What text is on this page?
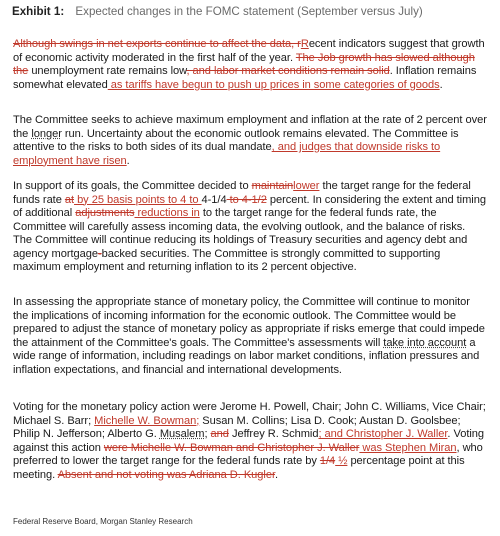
Exhibit 1: Expected changes in the FOMC statement (September versus July)

Although swings in net exports continue to affect the data, rRecent indicators suggest that growth of economic activity moderated in the first half of the year. The Job growth has slowed although the unemployment rate remains low, and labor market conditions remain solid. Inflation remains somewhat elevated as tariffs have begun to push up prices in some categories of goods.

The Committee seeks to achieve maximum employment and inflation at the rate of 2 percent over the longer run. Uncertainty about the economic outlook remains elevated. The Committee is attentive to the risks to both sides of its dual mandate, and judges that downside risks to employment have risen.

In support of its goals, the Committee decided to maintainlower the target range for the federal funds rate at by 25 basis points to 4 to 4-1/4 to 4-1/2 percent. In considering the extent and timing of additional adjustments reductions in to the target range for the federal funds rate, the Committee will carefully assess incoming data, the evolving outlook, and the balance of risks. The Committee will continue reducing its holdings of Treasury securities and agency debt and agency mortgage-backed securities. The Committee is strongly committed to supporting maximum employment and returning inflation to its 2 percent objective.

In assessing the appropriate stance of monetary policy, the Committee will continue to monitor the implications of incoming information for the economic outlook. The Committee would be prepared to adjust the stance of monetary policy as appropriate if risks emerge that could impede the attainment of the Committee's goals. The Committee's assessments will take into account a wide range of information, including readings on labor market conditions, inflation pressures and inflation expectations, and financial and international developments.

Voting for the monetary policy action were Jerome H. Powell, Chair; John C. Williams, Vice Chair; Michael S. Barr; Michelle W. Bowman; Susan M. Collins; Lisa D. Cook; Austan D. Goolsbee; Philip N. Jefferson; Alberto G. Musalem; and Jeffrey R. Schmid; and Christopher J. Waller. Voting against this action were Michelle W. Bowman and Christopher J. Waller was Stephen Miran, who preferred to lower the target range for the federal funds rate by 1/4 ½ percentage point at this meeting. Absent and not voting was Adriana D. Kugler.

Federal Reserve Board, Morgan Stanley Research
